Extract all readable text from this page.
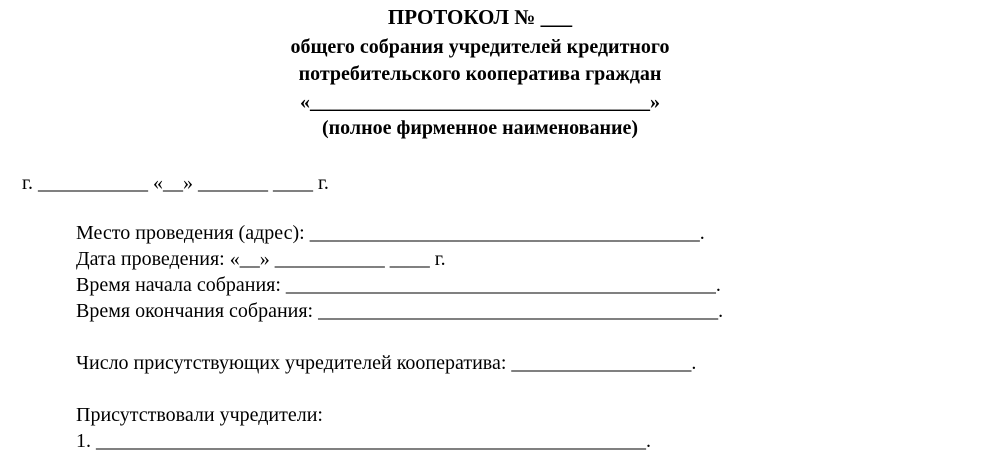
ПРОТОКОЛ № ___
общего собрания учредителей кредитного
потребительского кооператива граждан
«__________________________________»
(полное фирменное наименование)
г. ___________ «__» _______ ____ г.
Место проведения (адрес): _______________________________________.
Дата проведения: «__» ___________ ____ г.
Время начала собрания: ___________________________________________.
Время окончания собрания: ________________________________________.
Число присутствующих учредителей кооператива: __________________.
Присутствовали учредители:
1. _______________________________________________________.
